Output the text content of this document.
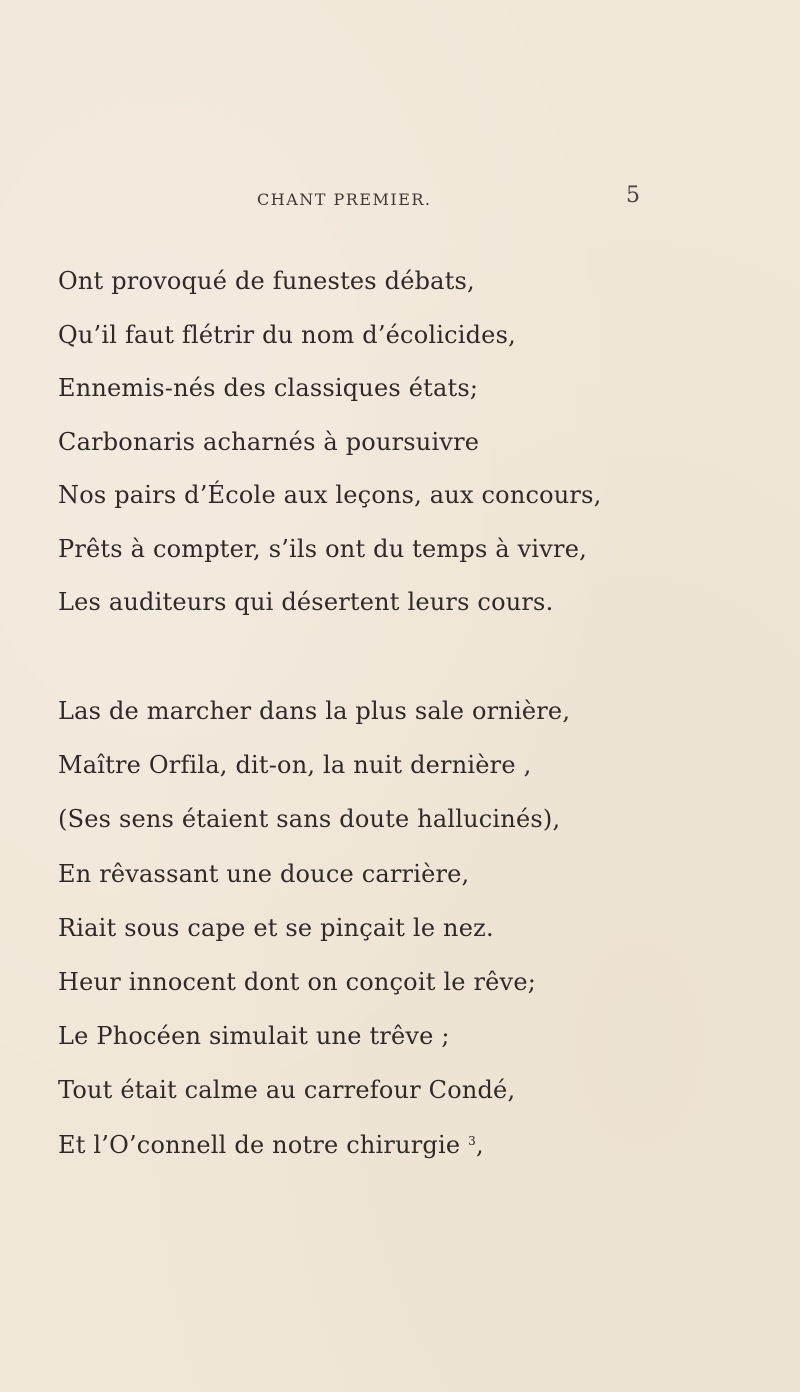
CHANT PREMIER.	5
Ont provoqué de funestes débats,
Qu’il faut flétrir du nom d’écolicides,
Ennemis-nés des classiques états;
Carbonaris acharnés à poursuivre
Nos pairs d’École aux leçons, aux concours,
Prêts à compter, s’ils ont du temps à vivre,
Les auditeurs qui désertent leurs cours.
Las de marcher dans la plus sale ornière,
Maître Orfila, dit-on, la nuit dernière ,
(Ses sens étaient sans doute hallucinés),
En rêvassant une douce carrière,
Riait sous cape et se pinçait le nez.
Heur innocent dont on conçoit le rêve;
Le Phocéen simulait une trêve ;
Tout était calme au carrefour Condé,
Et l’O’connell de notre chirurgie $^3$,
